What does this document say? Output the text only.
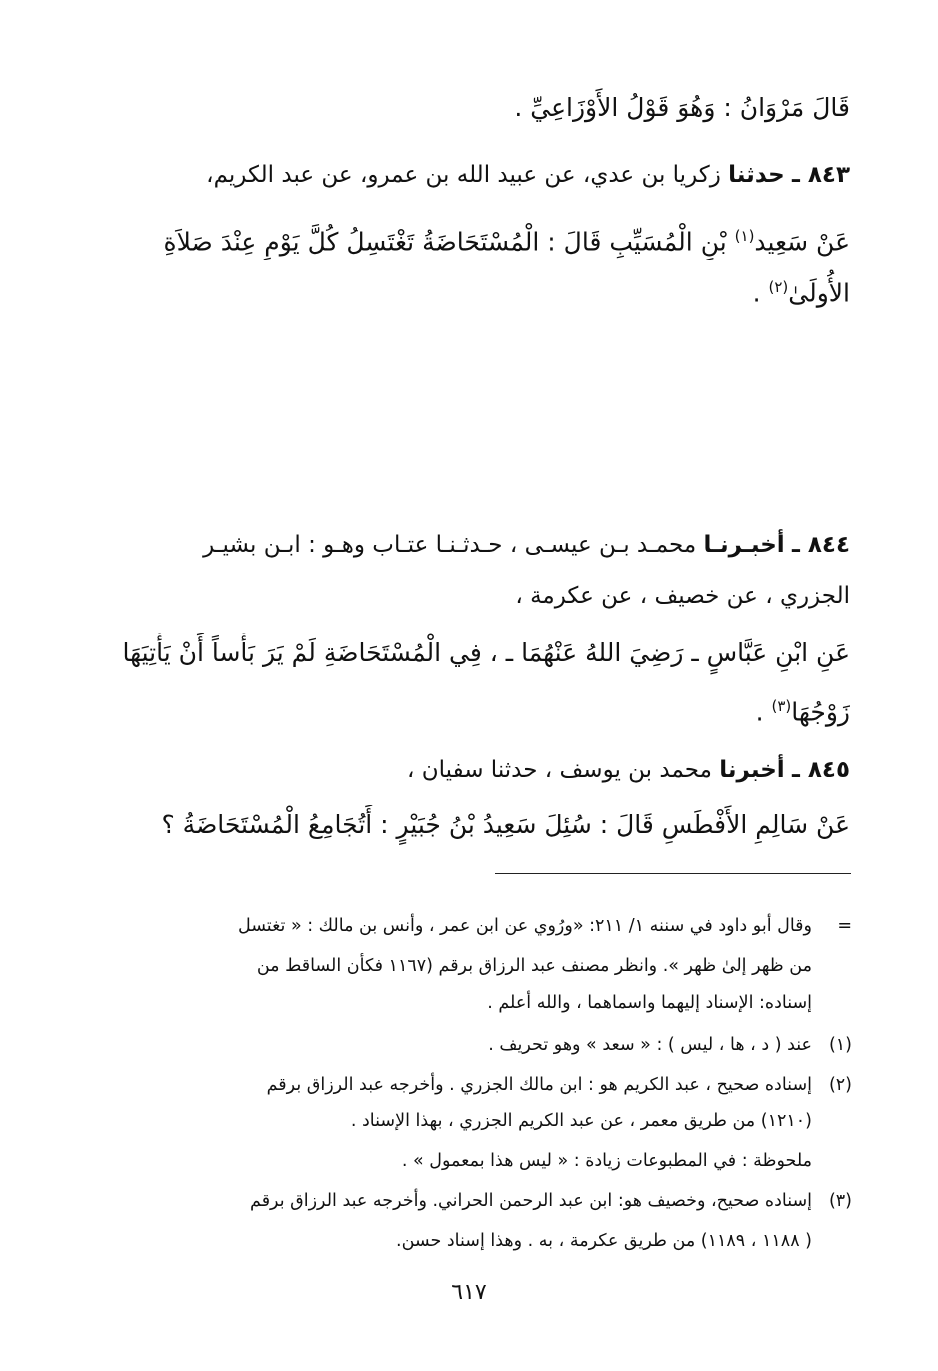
قَالَ مَرْوَانُ : وَهُوَ قَوْلُ الأَوْزَاعِيِّ .
٨٤٣ ـ حدثنا زكريا بن عدي، عن عبيد الله بن عمرو، عن عبد الكريم،
عَنْ سَعِيد$^{(١)}$ بْنِ الْمُسَيِّبِ قَالَ : الْمُسْتَحَاضَةُ تَغْتَسِلُ كُلَّ يَوْمٍ عِنْدَ صَلاَةِ
الأُولَىٰ$^{(٢)}$ .
٨٤٤ ـ أخبـرنـا محمـد بـن عيسـى ، حـدثـنـا عتـاب وهـو : ابـن بشيـر
الجزري ، عن خصيف ، عن عكرمة ،
عَنِ ابْنِ عَبَّاسٍ ـ رَضِيَ اللهُ عَنْهُمَا ـ ، فِي الْمُسْتَحَاضَةِ لَمْ يَرَ بَأْساً أَنْ يَأْتِيَهَا
زَوْجُهَا$^{(٣)}$ .
٨٤٥ ـ أخبرنا محمد بن يوسف ، حدثنا سفيان ،
عَنْ سَالِمِ الأَفْطَسِ قَالَ : سُئِلَ سَعِيدُ بْنُ جُبَيْرٍ : أَتُجَامِعُ الْمُسْتَحَاضَةُ ؟
=
وقال أبو داود في سننه ١/ ٢١١: «ورُوي عن ابن عمر ، وأنس بن مالك : « تغتسل
من ظهر إلىٰ ظهر ». وانظر مصنف عبد الرزاق برقم (١١٦٧ فكأن الساقط من
إسناده: الإسناد إليهما واسماهما ، والله أعلم .
(١)
عند ( د ، ها ، ليس ) : « سعد » وهو تحريف .
(٢)
إسناده صحيح ، عبد الكريم هو : ابن مالك الجزري . وأخرجه عبد الرزاق برقم
(١٢١٠) من طريق معمر ، عن عبد الكريم الجزري ، بهذا الإسناد .
ملحوظة : في المطبوعات زيادة : « ليس هذا بمعمول » .
(٣)
إسناده صحيح، وخصيف هو: ابن عبد الرحمن الحراني. وأخرجه عبد الرزاق برقم
( ١١٨٨ ، ١١٨٩) من طريق عكرمة ، به . وهذا إسناد حسن.
٦١٧
